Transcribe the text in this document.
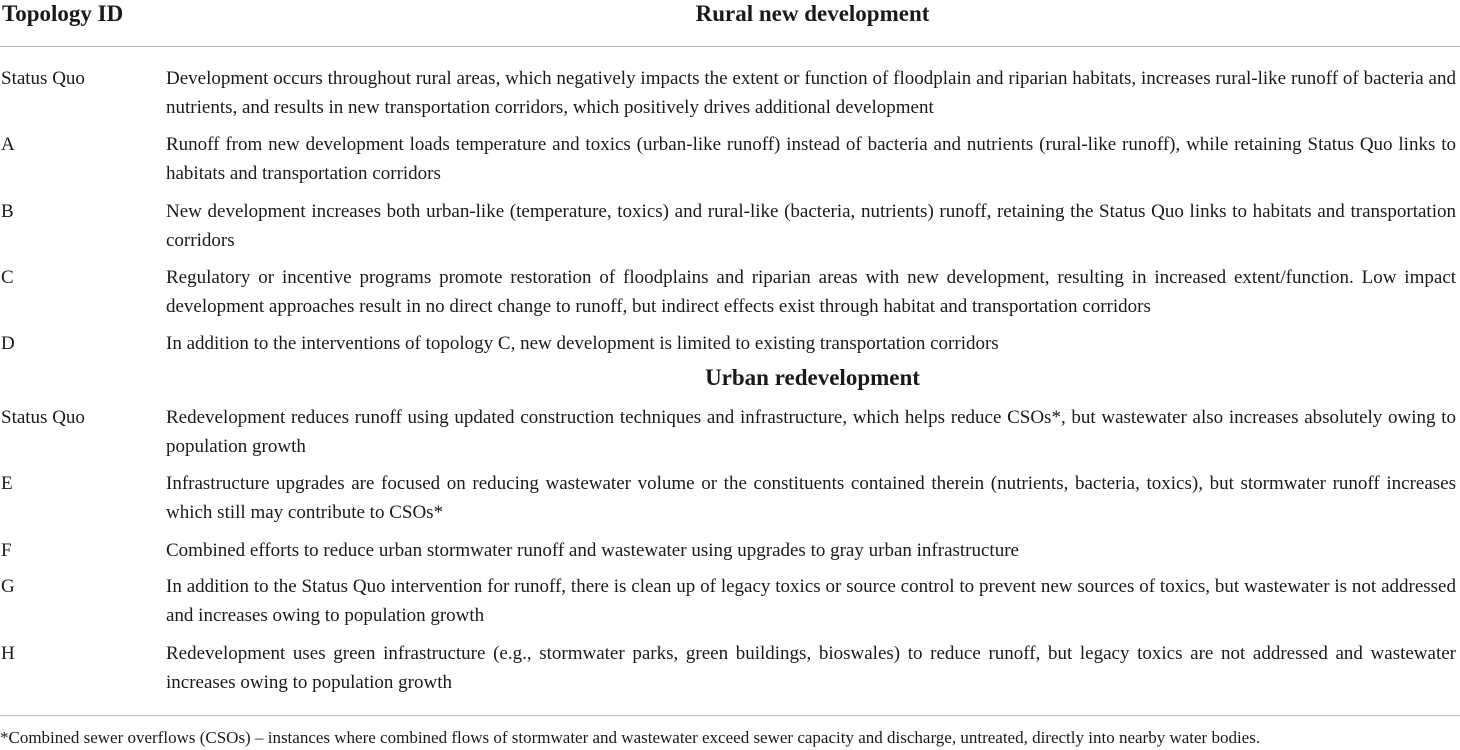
Topology ID	Rural new development
Status Quo	Development occurs throughout rural areas, which negatively impacts the extent or function of floodplain and riparian habitats, increases rural-like runoff of bacteria and nutrients, and results in new transportation corridors, which positively drives additional development
A	Runoff from new development loads temperature and toxics (urban-like runoff) instead of bacteria and nutrients (rural-like runoff), while retaining Status Quo links to habitats and transportation corridors
B	New development increases both urban-like (temperature, toxics) and rural-like (bacteria, nutrients) runoff, retaining the Status Quo links to habitats and transportation corridors
C	Regulatory or incentive programs promote restoration of floodplains and riparian areas with new development, resulting in increased extent/function. Low impact development approaches result in no direct change to runoff, but indirect effects exist through habitat and transportation corridors
D	In addition to the interventions of topology C, new development is limited to existing transportation corridors
Urban redevelopment
Status Quo	Redevelopment reduces runoff using updated construction techniques and infrastructure, which helps reduce CSOs*, but wastewater also increases absolutely owing to population growth
E	Infrastructure upgrades are focused on reducing wastewater volume or the constituents contained therein (nutrients, bacteria, toxics), but stormwater runoff increases which still may contribute to CSOs*
F	Combined efforts to reduce urban stormwater runoff and wastewater using upgrades to gray urban infrastructure
G	In addition to the Status Quo intervention for runoff, there is clean up of legacy toxics or source control to prevent new sources of toxics, but wastewater is not addressed and increases owing to population growth
H	Redevelopment uses green infrastructure (e.g., stormwater parks, green buildings, bioswales) to reduce runoff, but legacy toxics are not addressed and wastewater increases owing to population growth
*Combined sewer overflows (CSOs) – instances where combined flows of stormwater and wastewater exceed sewer capacity and discharge, untreated, directly into nearby water bodies.
